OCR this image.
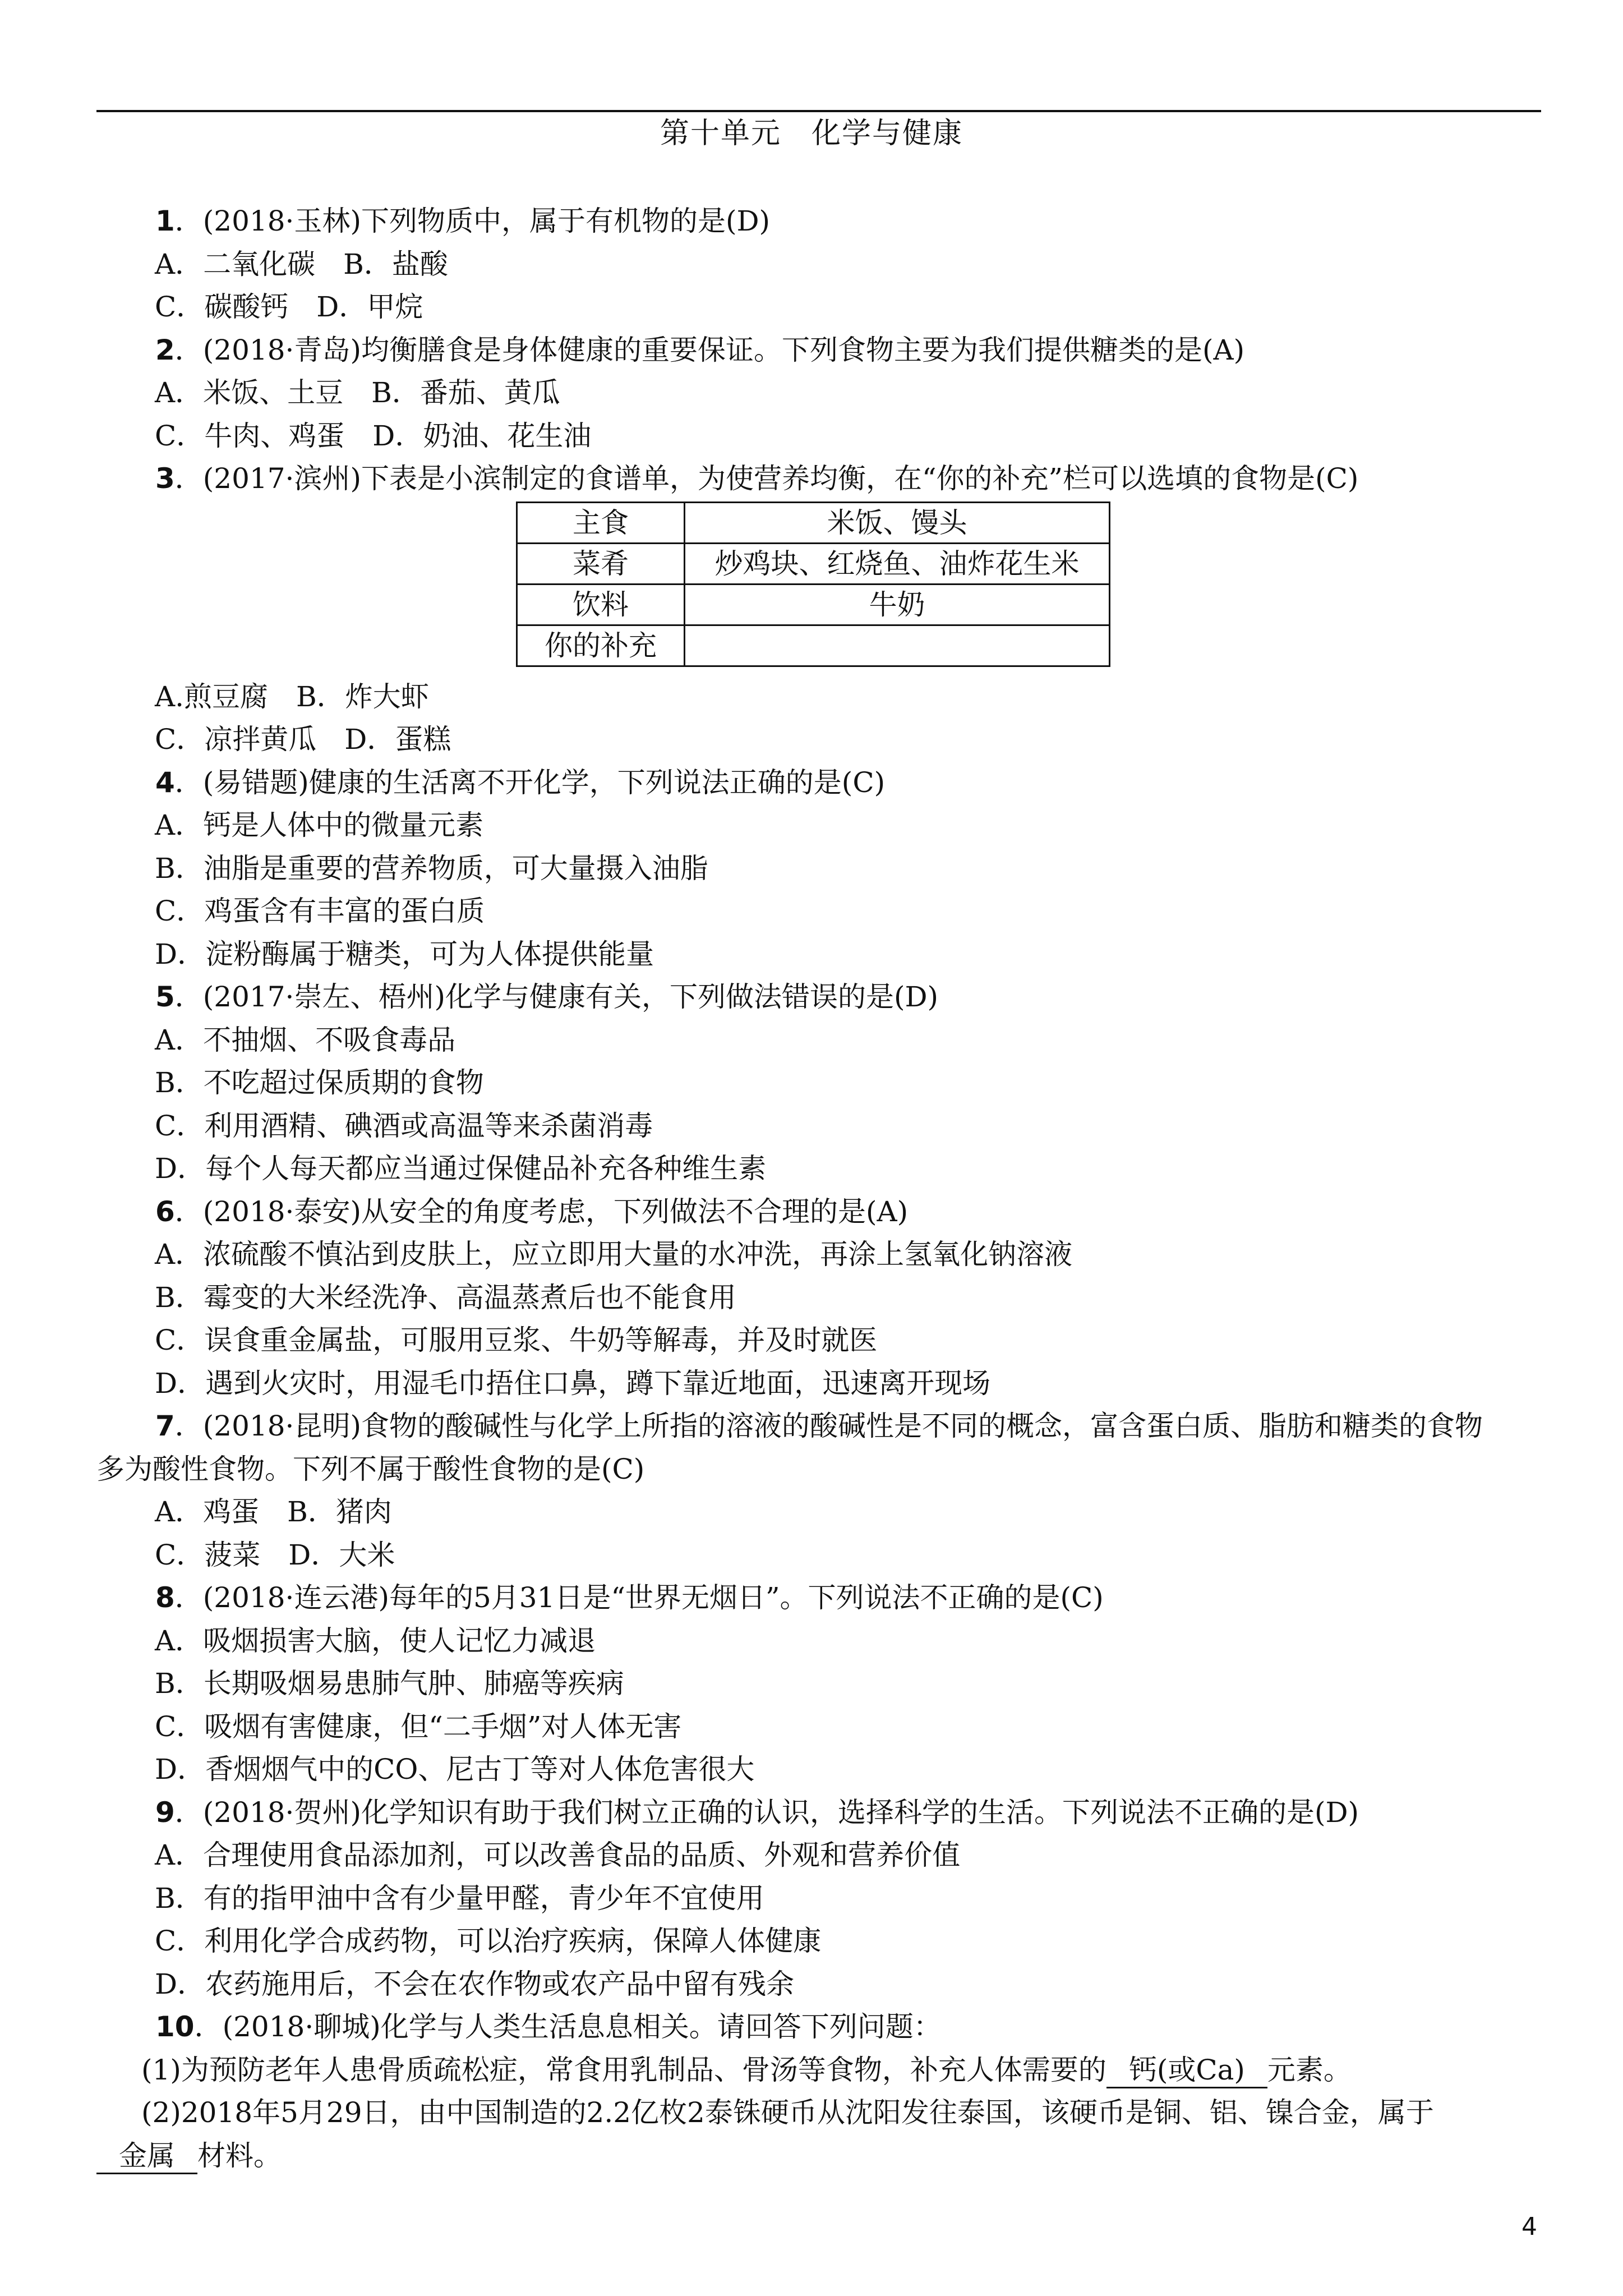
第十单元　化学与健康
1．(2018·玉林)下列物质中，属于有机物的是(D)
A．二氧化碳　B．盐酸
C．碳酸钙　D．甲烷
2．(2018·青岛)均衡膳食是身体健康的重要保证。下列食物主要为我们提供糖类的是(A)
A．米饭、土豆　B．番茄、黄瓜
C．牛肉、鸡蛋　D．奶油、花生油
3．(2017·滨州)下表是小滨制定的食谱单，为使营养均衡，在“你的补充”栏可以选填的食物是(C)
主食	米饭、馒头
菜肴	炒鸡块、红烧鱼、油炸花生米
饮料	牛奶
你的补充	
A.煎豆腐　B．炸大虾
C．凉拌黄瓜　D．蛋糕
4．(易错题)健康的生活离不开化学，下列说法正确的是(C)
A．钙是人体中的微量元素
B．油脂是重要的营养物质，可大量摄入油脂
C．鸡蛋含有丰富的蛋白质
D．淀粉酶属于糖类，可为人体提供能量
5．(2017·崇左、梧州)化学与健康有关，下列做法错误的是(D)
A．不抽烟、不吸食毒品
B．不吃超过保质期的食物
C．利用酒精、碘酒或高温等来杀菌消毒
D．每个人每天都应当通过保健品补充各种维生素
6．(2018·泰安)从安全的角度考虑，下列做法不合理的是(A)
A．浓硫酸不慎沾到皮肤上，应立即用大量的水冲洗，再涂上氢氧化钠溶液
B．霉变的大米经洗净、高温蒸煮后也不能食用
C．误食重金属盐，可服用豆浆、牛奶等解毒，并及时就医
D．遇到火灾时，用湿毛巾捂住口鼻，蹲下靠近地面，迅速离开现场
7．(2018·昆明)食物的酸碱性与化学上所指的溶液的酸碱性是不同的概念，富含蛋白质、脂肪和糖类的食物
多为酸性食物。下列不属于酸性食物的是(C)
A．鸡蛋　B．猪肉
C．菠菜　D．大米
8．(2018·连云港)每年的5月31日是“世界无烟日”。下列说法不正确的是(C)
A．吸烟损害大脑，使人记忆力减退
B．长期吸烟易患肺气肿、肺癌等疾病
C．吸烟有害健康，但“二手烟”对人体无害
D．香烟烟气中的CO、尼古丁等对人体危害很大
9．(2018·贺州)化学知识有助于我们树立正确的认识，选择科学的生活。下列说法不正确的是(D)
A．合理使用食品添加剂，可以改善食品的品质、外观和营养价值
B．有的指甲油中含有少量甲醛，青少年不宜使用
C．利用化学合成药物，可以治疗疾病，保障人体健康
D．农药施用后，不会在农作物或农产品中留有残余
10．(2018·聊城)化学与人类生活息息相关。请回答下列问题：
(1)为预防老年人患骨质疏松症，常食用乳制品、骨汤等食物，补充人体需要的 钙(或Ca) 元素。
(2)2018年5月29日，由中国制造的2.2亿枚2泰铢硬币从沈阳发往泰国，该硬币是铜、铝、镍合金，属于
金属 材料。
4
